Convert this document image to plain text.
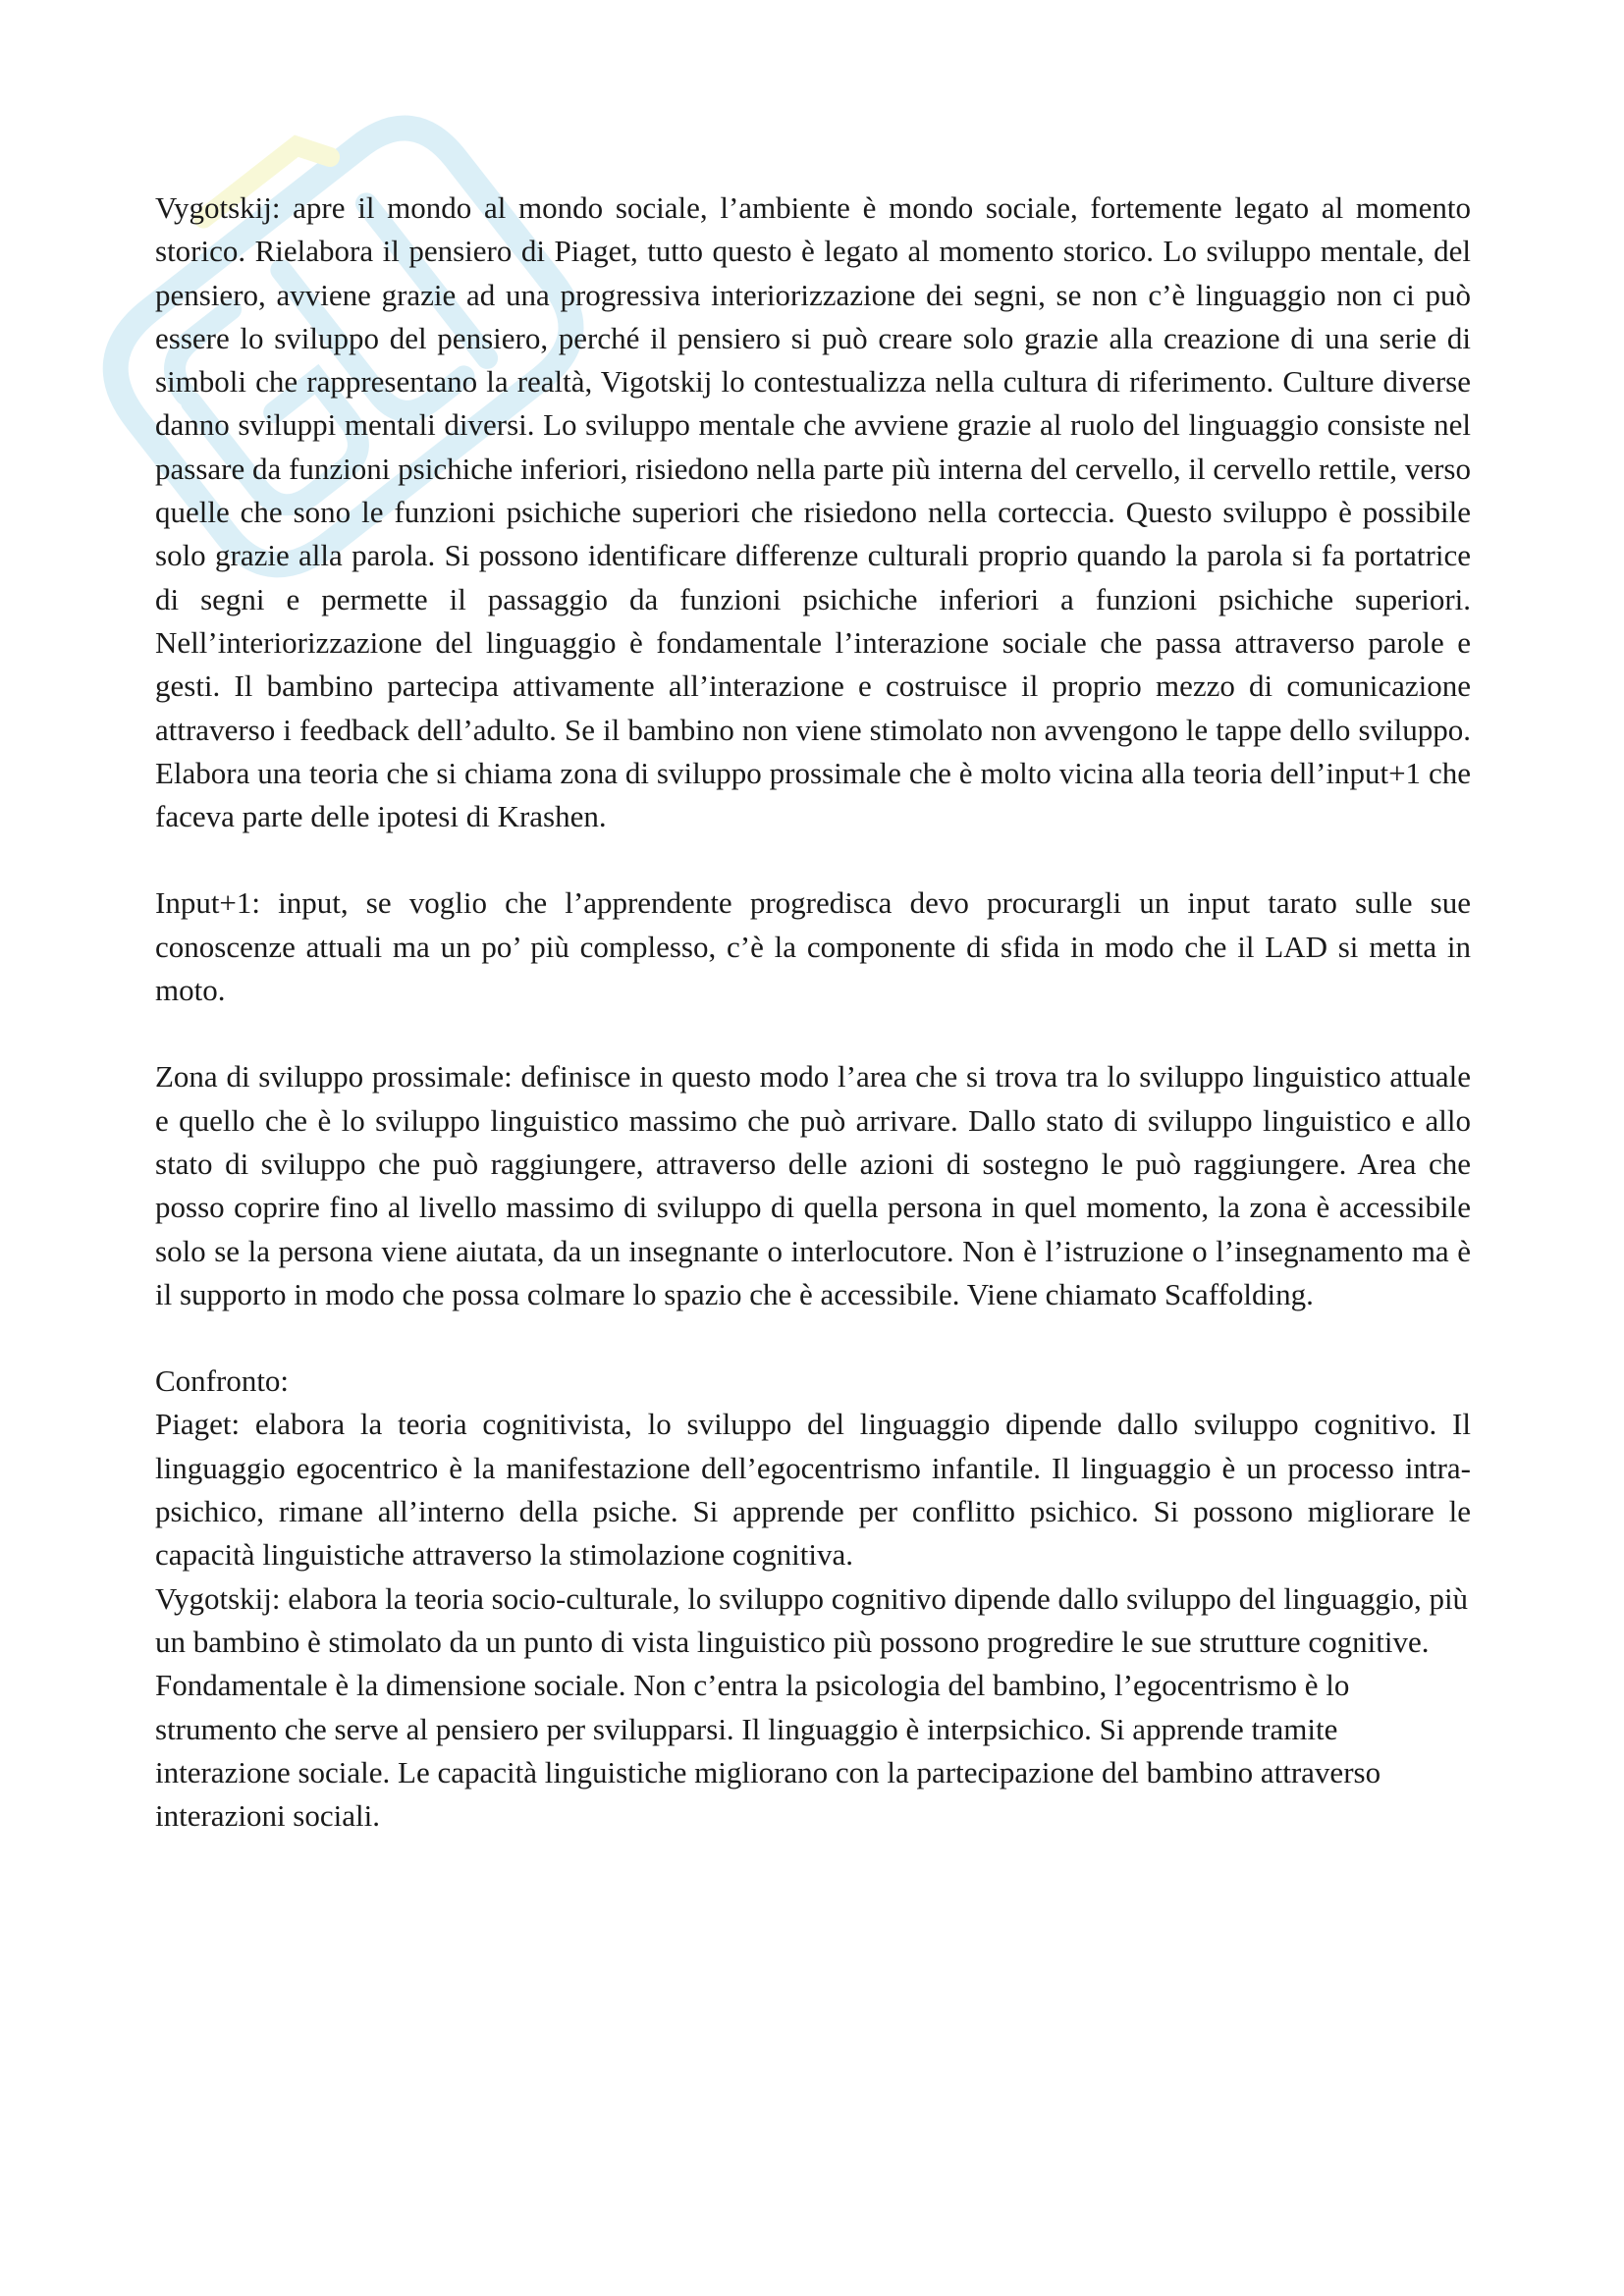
Vygotskij: apre il mondo al mondo sociale, l’ambiente è mondo sociale, fortemente legato al momento storico. Rielabora il pensiero di Piaget, tutto questo è legato al momento storico. Lo sviluppo mentale, del pensiero, avviene grazie ad una progressiva interiorizzazione dei segni, se non c’è linguaggio non ci può essere lo sviluppo del pensiero, perché il pensiero si può creare solo grazie alla creazione di una serie di simboli che rappresentano la realtà, Vigotskij lo contestualizza nella cultura di riferimento. Culture diverse danno sviluppi mentali diversi. Lo sviluppo mentale che avviene grazie al ruolo del linguaggio consiste nel passare da funzioni psichiche inferiori, risiedono nella parte più interna del cervello, il cervello rettile, verso quelle che sono le funzioni psichiche superiori che risiedono nella corteccia. Questo sviluppo è possibile solo grazie alla parola. Si possono identificare differenze culturali proprio quando la parola si fa portatrice di segni e permette il passaggio da funzioni psichiche inferiori a funzioni psichiche superiori. Nell’interiorizzazione del linguaggio è fondamentale l’interazione sociale che passa attraverso parole e gesti. Il bambino partecipa attivamente all’interazione e costruisce il proprio mezzo di comunicazione attraverso i feedback dell’adulto. Se il bambino non viene stimolato non avvengono le tappe dello sviluppo. Elabora una teoria che si chiama zona di sviluppo prossimale che è molto vicina alla teoria dell’input+1 che faceva parte delle ipotesi di Krashen.

Input+1: input, se voglio che l’apprendente progredisca devo procurargli un input tarato sulle sue conoscenze attuali ma un po’ più complesso, c’è la componente di sfida in modo che il LAD si metta in moto.

Zona di sviluppo prossimale: definisce in questo modo l’area che si trova tra lo sviluppo linguistico attuale e quello che è lo sviluppo linguistico massimo che può arrivare. Dallo stato di sviluppo linguistico e allo stato di sviluppo che può raggiungere, attraverso delle azioni di sostegno le può raggiungere. Area che posso coprire fino al livello massimo di sviluppo di quella persona in quel momento, la zona è accessibile solo se la persona viene aiutata, da un insegnante o interlocutore. Non è l’istruzione o l’insegnamento ma è il supporto in modo che possa colmare lo spazio che è accessibile. Viene chiamato Scaffolding.

Confronto:

Piaget: elabora la teoria cognitivista, lo sviluppo del linguaggio dipende dallo sviluppo cognitivo. Il linguaggio egocentrico è la manifestazione dell’egocentrismo infantile. Il linguaggio è un processo intra-psichico, rimane all’interno della psiche. Si apprende per conflitto psichico. Si possono migliorare le capacità linguistiche attraverso la stimolazione cognitiva.

Vygotskij: elabora la teoria socio-culturale, lo sviluppo cognitivo dipende dallo sviluppo del linguaggio, più un bambino è stimolato da un punto di vista linguistico più possono progredire le sue strutture cognitive. Fondamentale è la dimensione sociale. Non c’entra la psicologia del bambino, l’egocentrismo è lo strumento che serve al pensiero per svilupparsi. Il linguaggio è interpsichico. Si apprende tramite interazione sociale. Le capacità linguistiche migliorano con la partecipazione del bambino attraverso interazioni sociali.
